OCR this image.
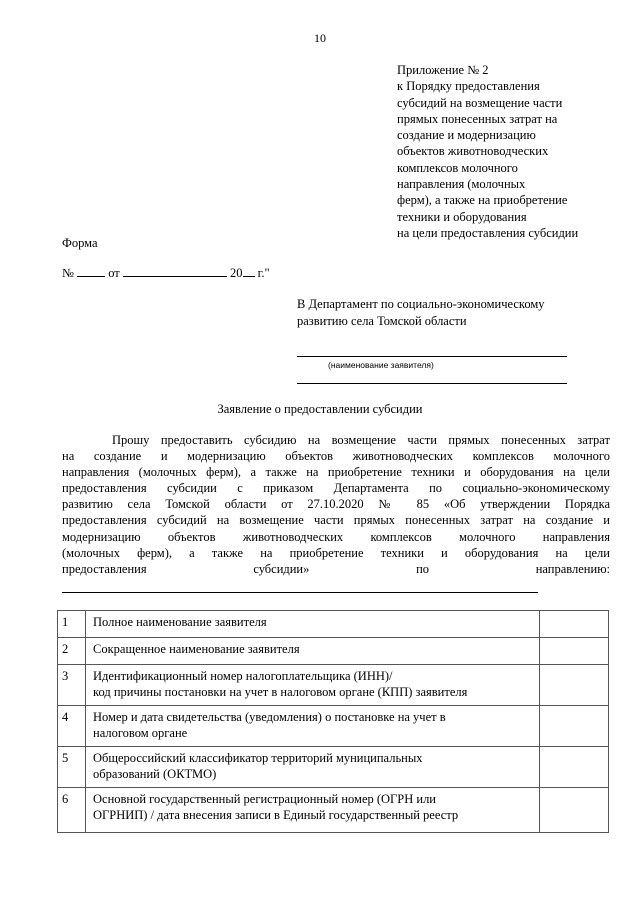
10
Приложение № 2
к Порядку предоставления
субсидий на возмещение части
прямых понесенных затрат на
создание и модернизацию
объектов животноводческих
комплексов молочного
направления (молочных
ферм), а также на приобретение
техники и оборудования
на цели предоставления субсидии
Форма
№	от	20 г."
В Департамент по социально-экономическому
развитию села Томской области
(наименование заявителя)
Заявление о предоставлении субсидии
Прошу предоставить субсидию на возмещение части прямых понесенных затрат
на создание и модернизацию объектов животноводческих комплексов молочного
направления (молочных ферм), а также на приобретение техники и оборудования на цели
предоставления субсидии с приказом Департамента по социально-экономическому
развитию села Томской области от 27.10.2020 № 85 «Об утверждении Порядка
предоставления субсидий на возмещение части прямых понесенных затрат на создание и
модернизацию объектов животноводческих комплексов молочного направления
(молочных ферм), а также на приобретение техники и оборудования на цели
предоставления субсидии» по направлению:
1	Полное наименование заявителя	

2	Сокращенное наименование заявителя	

3	Идентификационный номер налогоплательщика (ИНН)/
код причины постановки на учет в налоговом органе (КПП) заявителя	

4	Номер и дата свидетельства (уведомления) о постановке на учет в
налоговом органе	

5	Общероссийский классификатор территорий муниципальных
образований (ОКТМО)	

6	Основной государственный регистрационный номер (ОГРН или
ОГРНИП) / дата внесения записи в Единый государственный реестр	
